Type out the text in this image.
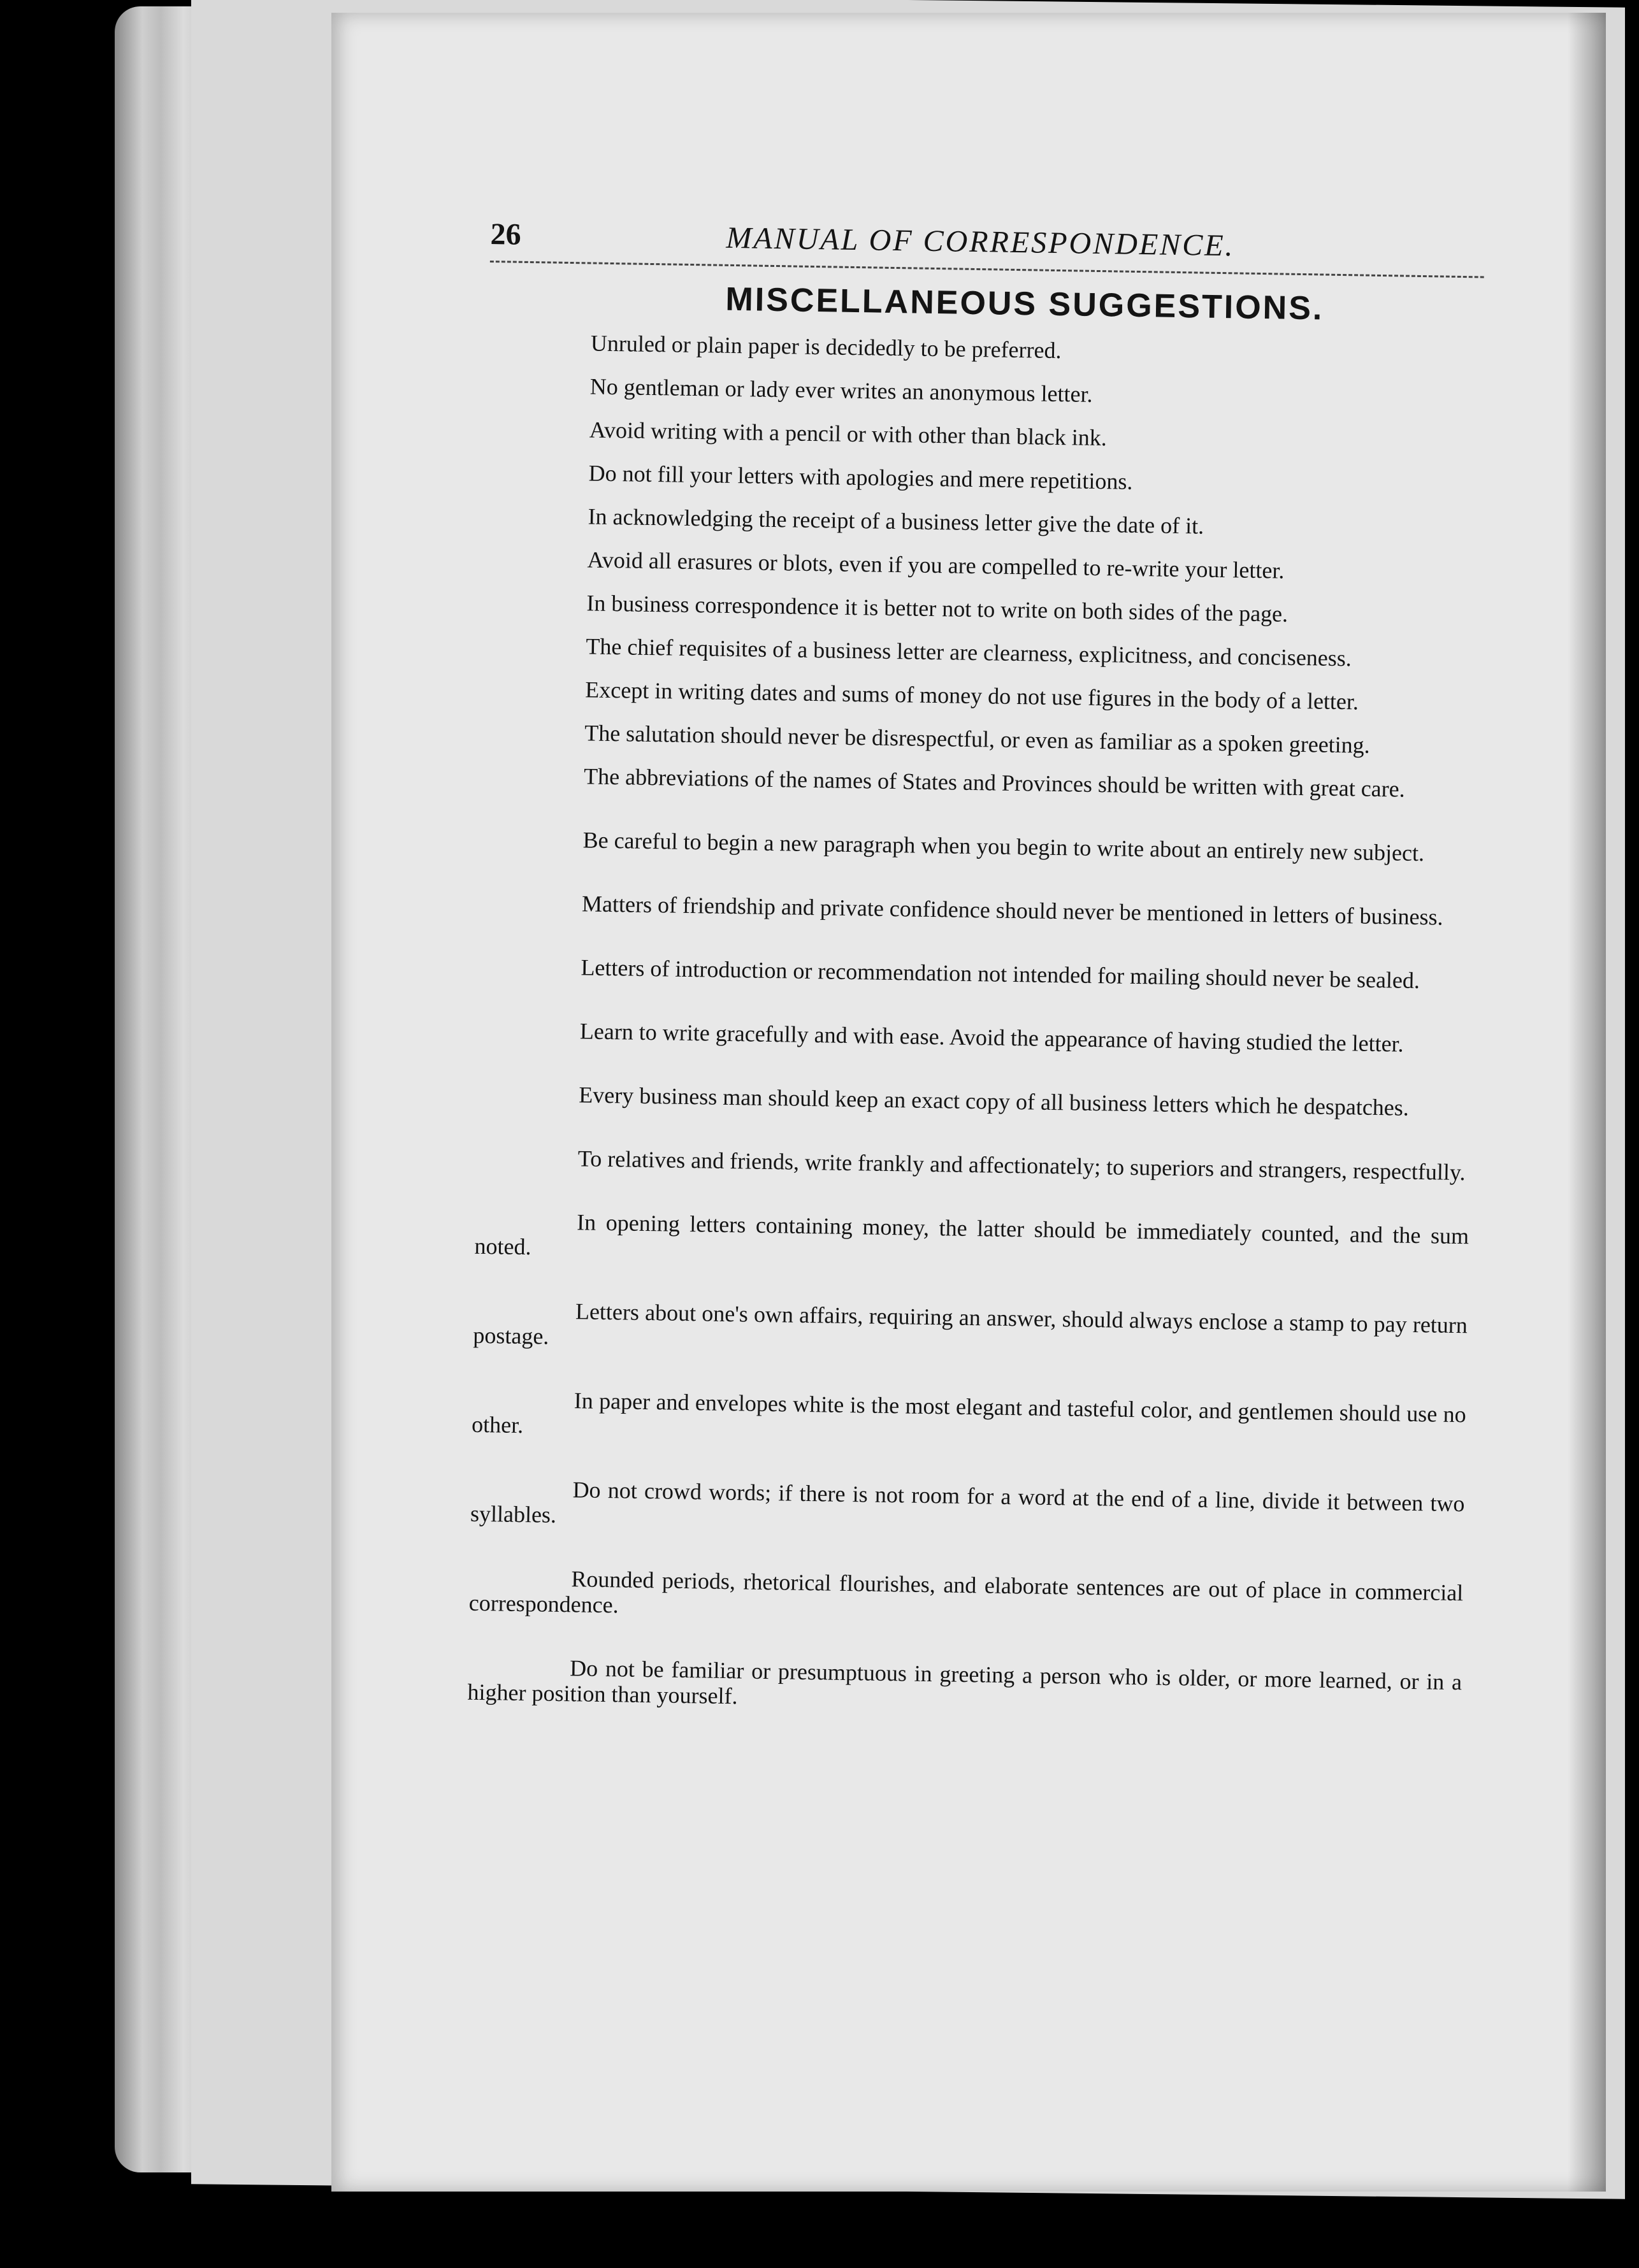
26	MANUAL OF CORRESPONDENCE.
MISCELLANEOUS SUGGESTIONS.
Unruled or plain paper is decidedly to be preferred.
No gentleman or lady ever writes an anonymous letter.
Avoid writing with a pencil or with other than black ink.
Do not fill your letters with apologies and mere repetitions.
In acknowledging the receipt of a business letter give the date of it.
Avoid all erasures or blots, even if you are compelled to re-write your letter.
In business correspondence it is better not to write on both sides of the page.
The chief requisites of a business letter are clearness, explicitness, and conciseness.
Except in writing dates and sums of money do not use figures in the body of a letter.
The salutation should never be disrespectful, or even as familiar as a spoken greeting.
The abbreviations of the names of States and Provinces should be written with great care.
Be careful to begin a new paragraph when you begin to write about an entirely new subject.
Matters of friendship and private confidence should never be mentioned in letters of business.
Letters of introduction or recommendation not intended for mailing should never be sealed.
Learn to write gracefully and with ease. Avoid the appearance of having studied the letter.
Every business man should keep an exact copy of all business letters which he despatches.
To relatives and friends, write frankly and affectionately; to superiors and strangers, respectfully.
In opening letters containing money, the latter should be immediately counted, and the sum noted.
Letters about one's own affairs, requiring an answer, should always enclose a stamp to pay return postage.
In paper and envelopes white is the most elegant and tasteful color, and gentlemen should use no other.
Do not crowd words; if there is not room for a word at the end of a line, divide it between two syllables.
Rounded periods, rhetorical flourishes, and elaborate sentences are out of place in commercial correspondence.
Do not be familiar or presumptuous in greeting a person who is older, or more learned, or in a higher position than yourself.
